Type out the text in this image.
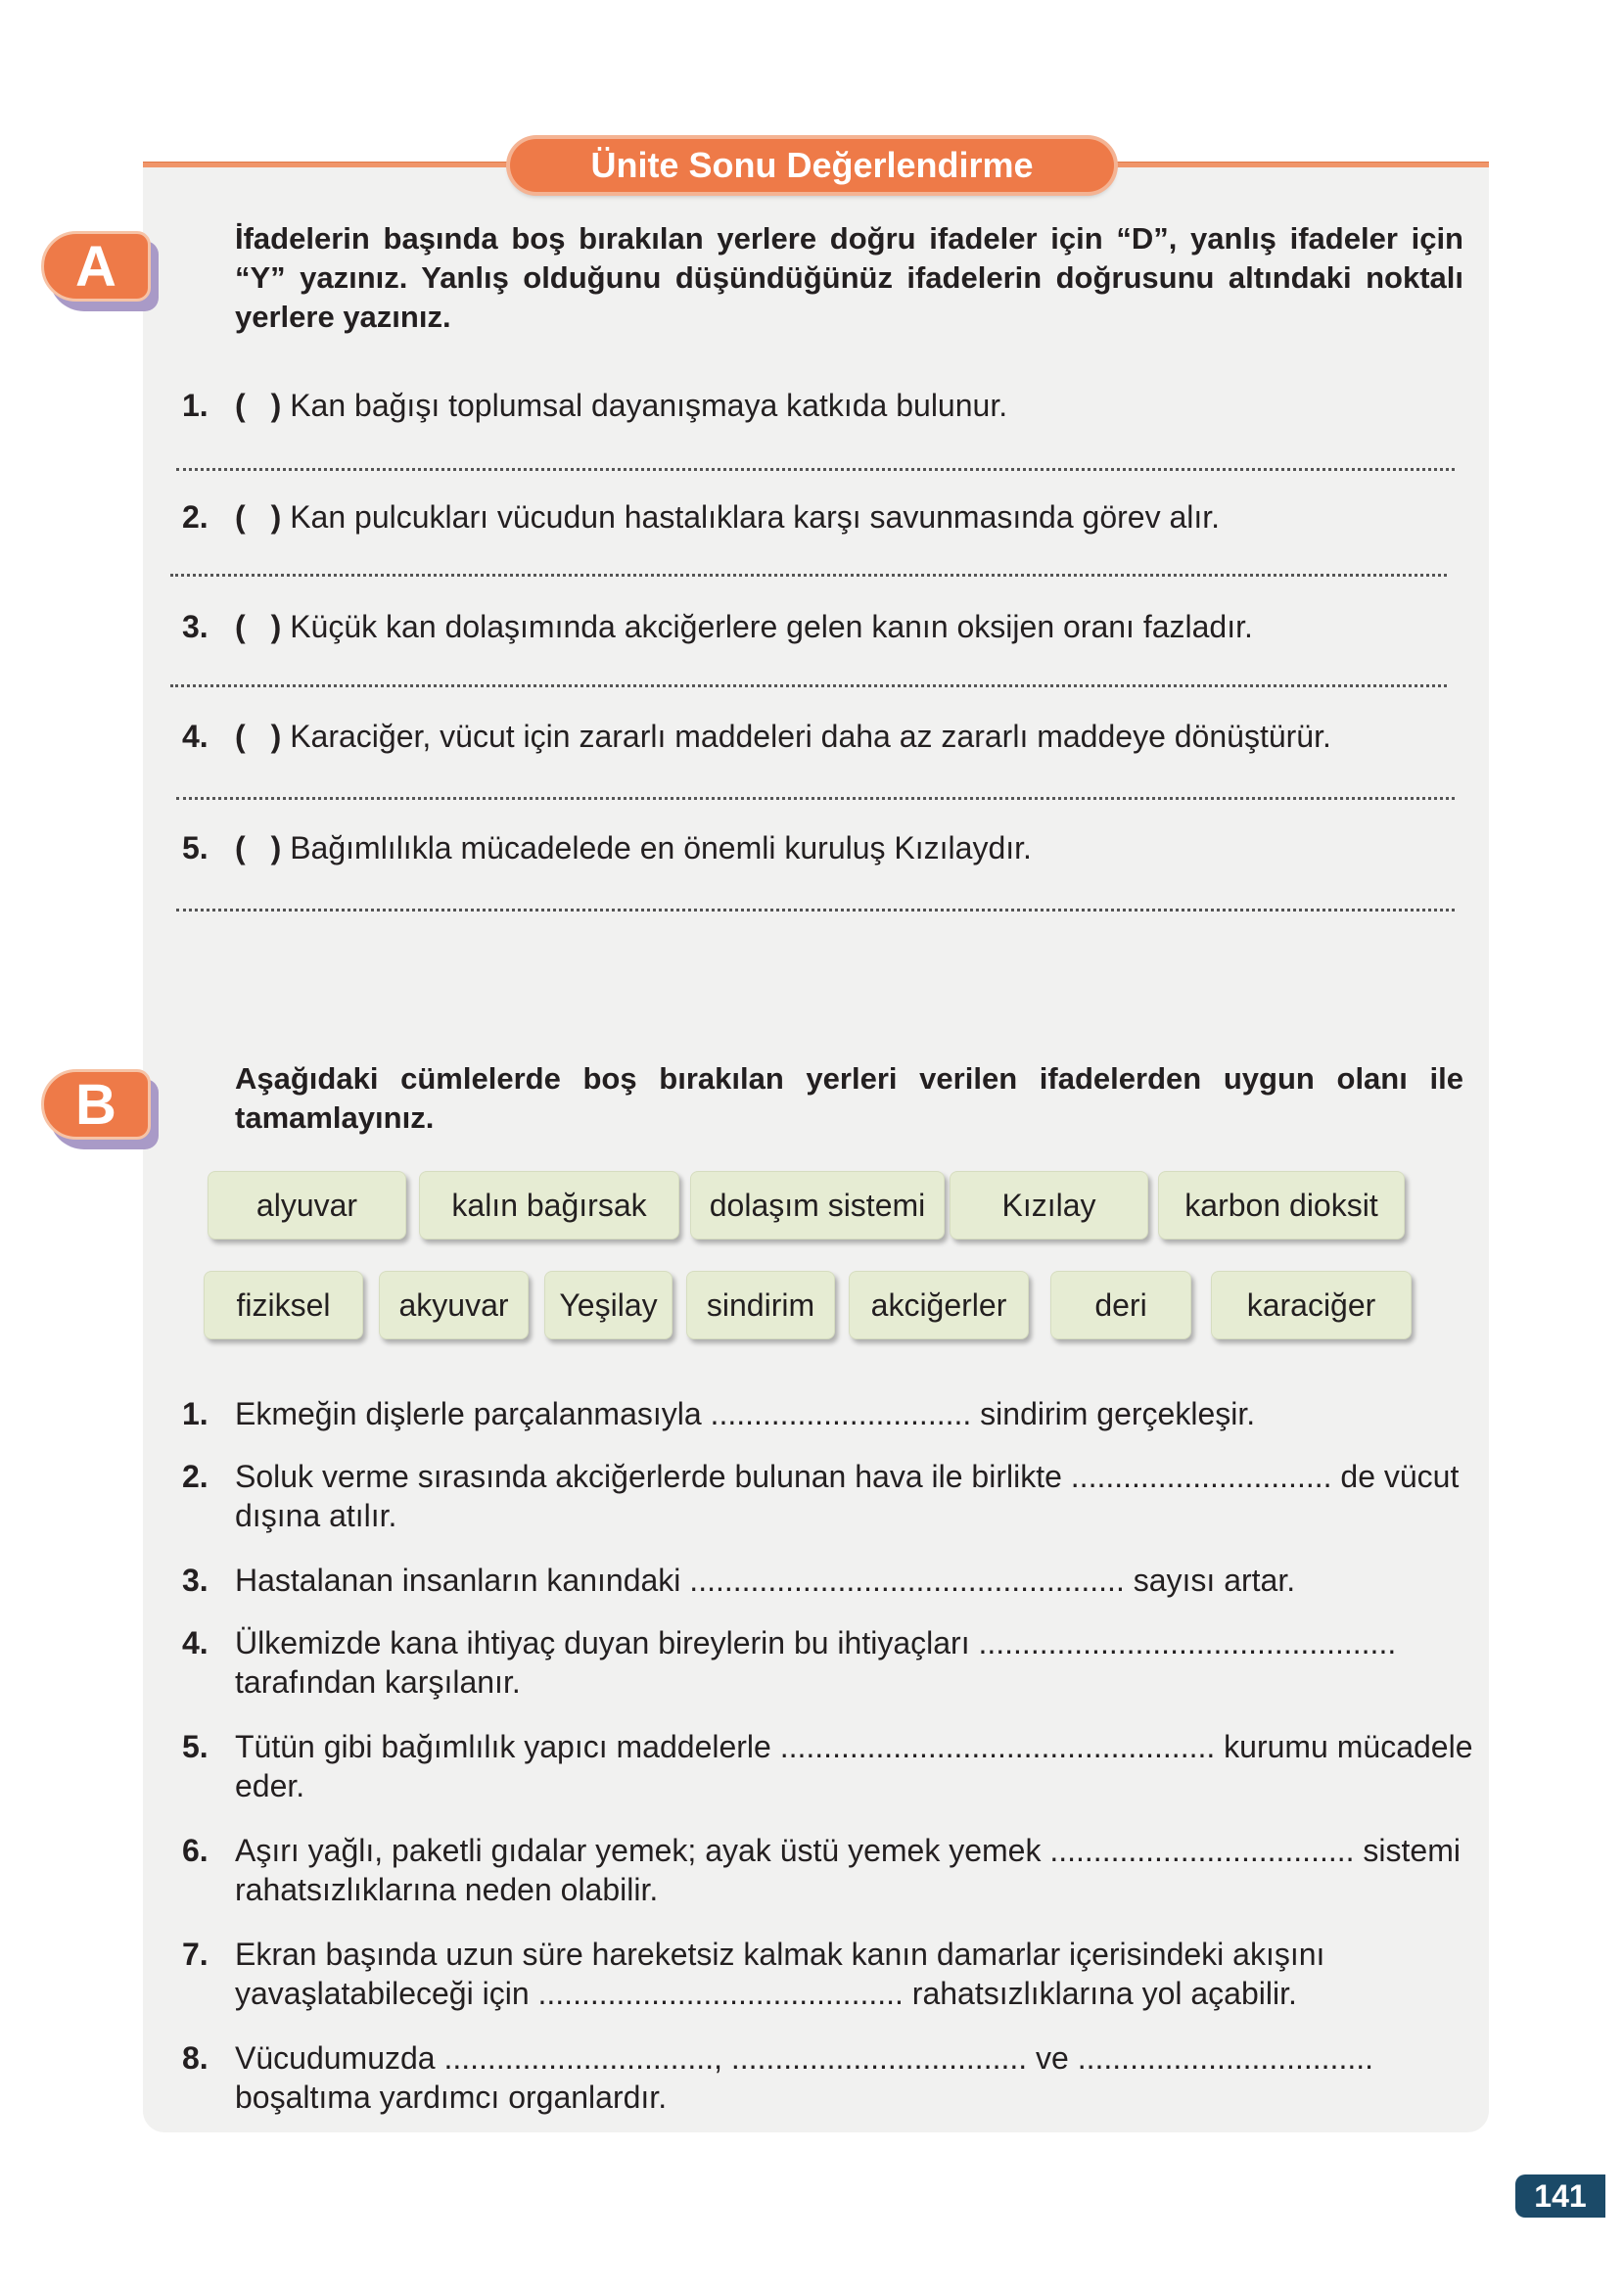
Ünite Sonu Değerlendirme
A	İfadelerin başında boş bırakılan yerlere doğru ifadeler için “D”, yanlış ifadeler için “Y” yazınız. Yanlış olduğunu düşündüğünüz ifadelerin doğrusunu altındaki noktalı yerlere yazınız.
1. ( ) Kan bağışı toplumsal dayanışmaya katkıda bulunur.
2. ( ) Kan pulcukları vücudun hastalıklara karşı savunmasında görev alır.
3. ( ) Küçük kan dolaşımında akciğerlere gelen kanın oksijen oranı fazladır.
4. ( ) Karaciğer, vücut için zararlı maddeleri daha az zararlı maddeye dönüştürür.
5. ( ) Bağımlılıkla mücadelede en önemli kuruluş Kızılaydır.
B	Aşağıdaki cümlelerde boş bırakılan yerleri verilen ifadelerden uygun olanı ile tamamlayınız.
alyuvar	kalın bağırsak	dolaşım sistemi	Kızılay	karbon dioksit
fiziksel	akyuvar	Yeşilay	sindirim	akciğerler	deri	karaciğer
1. Ekmeğin dişlerle parçalanmasıyla .............................. sindirim gerçekleşir.
2. Soluk verme sırasında akciğerlerde bulunan hava ile birlikte .............................. de vücut dışına atılır.
3. Hastalanan insanların kanındaki .................................................. sayısı artar.
4. Ülkemizde kana ihtiyaç duyan bireylerin bu ihtiyaçları ................................................ tarafından karşılanır.
5. Tütün gibi bağımlılık yapıcı maddelerle .................................................. kurumu mücadele eder.
6. Aşırı yağlı, paketli gıdalar yemek; ayak üstü yemek yemek ................................... sistemi rahatsızlıklarına neden olabilir.
7. Ekran başında uzun süre hareketsiz kalmak kanın damarlar içerisindeki akışını yavaşlatabileceği için .......................................... rahatsızlıklarına yol açabilir.
8. Vücudumuzda ..............................., .................................. ve .................................. boşaltıma yardımcı organlardır.
141
